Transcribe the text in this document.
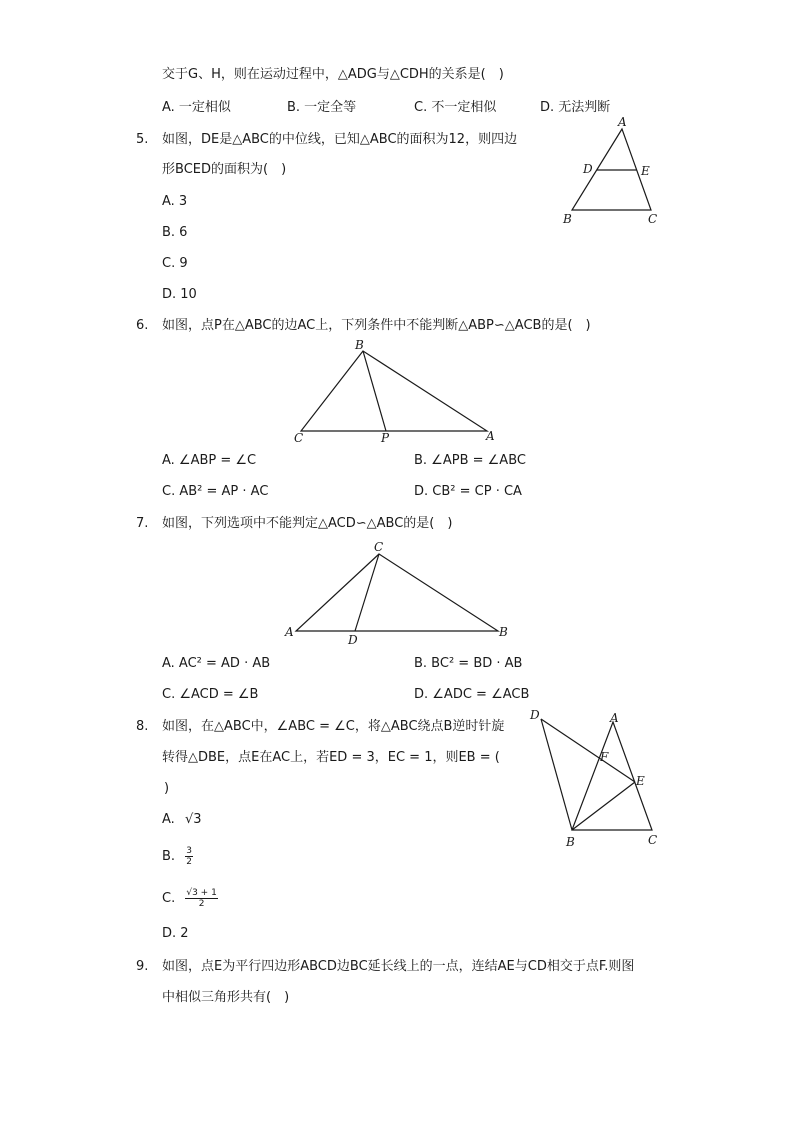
交于G、H，则在运动过程中，△ADG与△CDH的关系是(　)
A. 一定相似	B. 一定全等	C. 不一定相似	D. 无法判断
5. 如图，DE是△ABC的中位线，已知△ABC的面积为12，则四边
形BCED的面积为(　)
A. 3
B. 6
C. 9
D. 10
A
D	E
B	C
6. 如图，点P在△ABC的边AC上，下列条件中不能判断△ABP∽△ACB的是(　)
B
C	P	A
A. ∠ABP = ∠C	B. ∠APB = ∠ABC
C. AB² = AP · AC	D. CB² = CP · CA
7. 如图，下列选项中不能判定△ACD∽△ABC的是(　)
C
A
D
B
A. AC² = AD · AB	B. BC² = BD · AB
C. ∠ACD = ∠B	D. ∠ADC = ∠ACB
8. 如图，在△ABC中，∠ABC = ∠C，将△ABC绕点B逆时针旋
转得△DBE，点E在AC上，若ED = 3，EC = 1，则EB = (
)
A. √3
B. $\frac{3}{2}$
C. $\frac{√3 + 1}{2}$
D. 2
D	A
F
E
B	C
9. 如图，点E为平行四边形ABCD边BC延长线上的一点，连结AE与CD相交于点F.则图
中相似三角形共有(　)
